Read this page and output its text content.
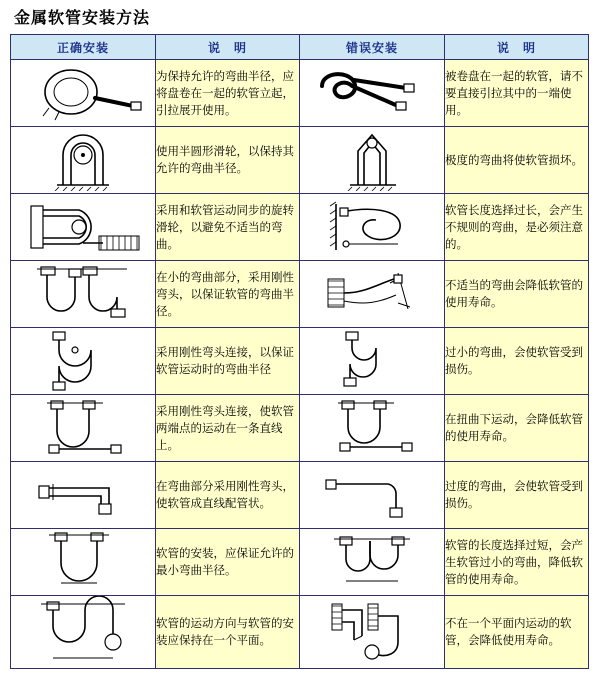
金属软管安装方法
正确安装	说　明	错误安装	说　明

	为保持允许的弯曲半径，应将盘卷在一起的软管立起，引拉展开使用。		被卷盘在一起的软管，请不要直接引拉其中的一端使用。

	使用半圆形滑轮，以保持其允许的弯曲半径。		极度的弯曲将使软管损坏。

	采用和软管运动同步的旋转滑轮，以避免不适当的弯曲。		软管长度选择过长，会产生不规则的弯曲，是必须注意的。

	在小的弯曲部分，采用刚性弯头，以保证软管的弯曲半径。		不适当的弯曲会降低软管的使用寿命。

	采用刚性弯头连接，以保证软管运动时的弯曲半径		过小的弯曲，会使软管受到损伤。

	采用刚性弯头连接，使软管两端点的运动在一条直线上。		在扭曲下运动，会降低软管的使用寿命。

	在弯曲部分采用刚性弯头，使软管成直线配管状。		过度的弯曲，会使软管受到损伤。

	软管的安装，应保证允许的最小弯曲半径。		软管的长度选择过短，会产生软管过小的弯曲，降低软管的使用寿命。

	软管的运动方向与软管的安装应保持在一个平面。		不在一个平面内运动的软管，会降低使用寿命。
